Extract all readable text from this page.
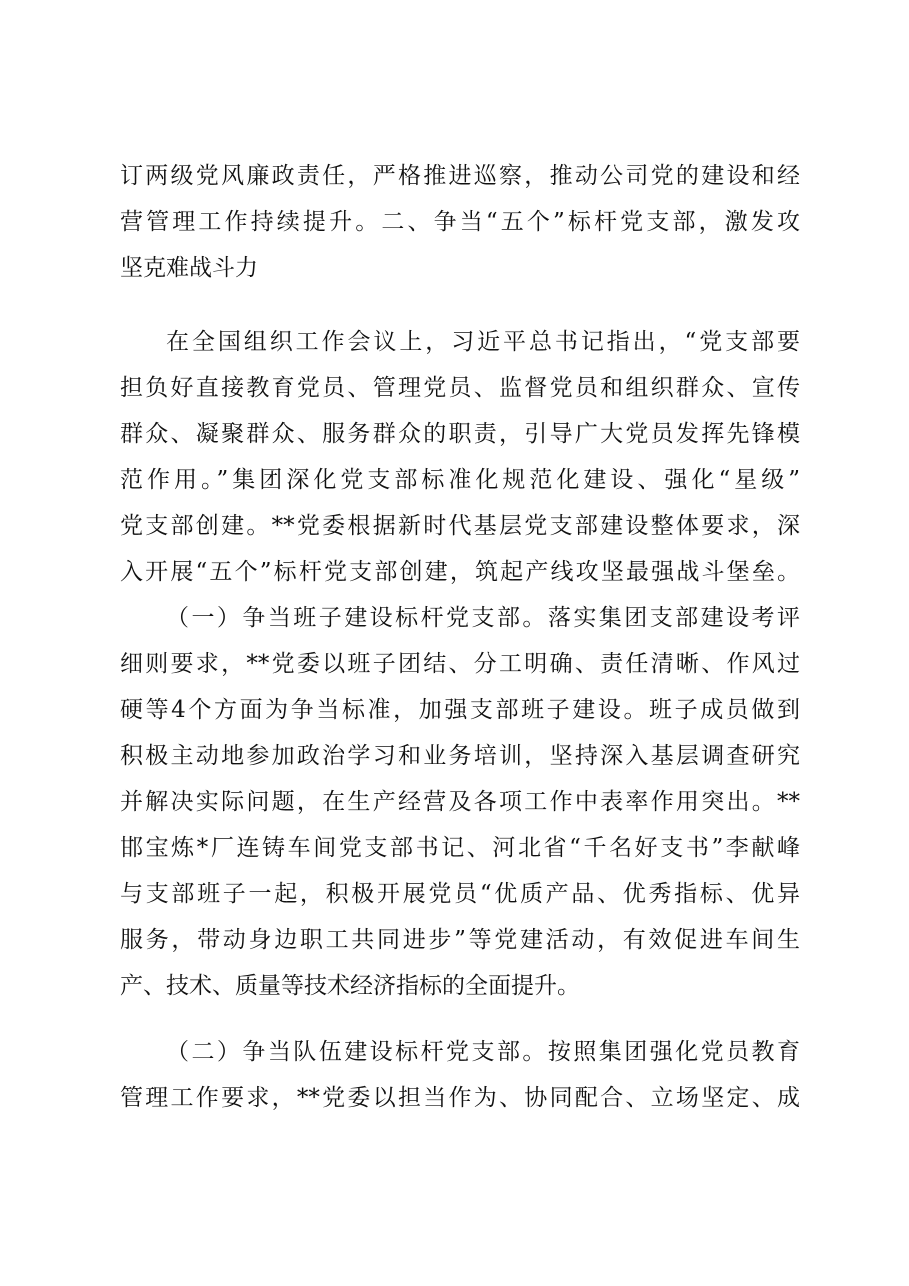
订两级党风廉政责任，严格推进巡察，推动公司党的建设和经
营管理工作持续提升。二、争当“五个”标杆党支部，激发攻
坚克难战斗力
在全国组织工作会议上，习近平总书记指出，“党支部要
担负好直接教育党员、管理党员、监督党员和组织群众、宣传
群众、凝聚群众、服务群众的职责，引导广大党员发挥先锋模
范作用。”集团深化党支部标准化规范化建设、强化“星级”
党支部创建。**党委根据新时代基层党支部建设整体要求，深
入开展“五个”标杆党支部创建，筑起产线攻坚最强战斗堡垒。
（一）争当班子建设标杆党支部。落实集团支部建设考评
细则要求，**党委以班子团结、分工明确、责任清晰、作风过
硬等4个方面为争当标准，加强支部班子建设。班子成员做到
积极主动地参加政治学习和业务培训，坚持深入基层调查研究
并解决实际问题，在生产经营及各项工作中表率作用突出。**
邯宝炼*厂连铸车间党支部书记、河北省“千名好支书”李献峰
与支部班子一起，积极开展党员“优质产品、优秀指标、优异
服务，带动身边职工共同进步”等党建活动，有效促进车间生
产、技术、质量等技术经济指标的全面提升。
（二）争当队伍建设标杆党支部。按照集团强化党员教育
管理工作要求，**党委以担当作为、协同配合、立场坚定、成
